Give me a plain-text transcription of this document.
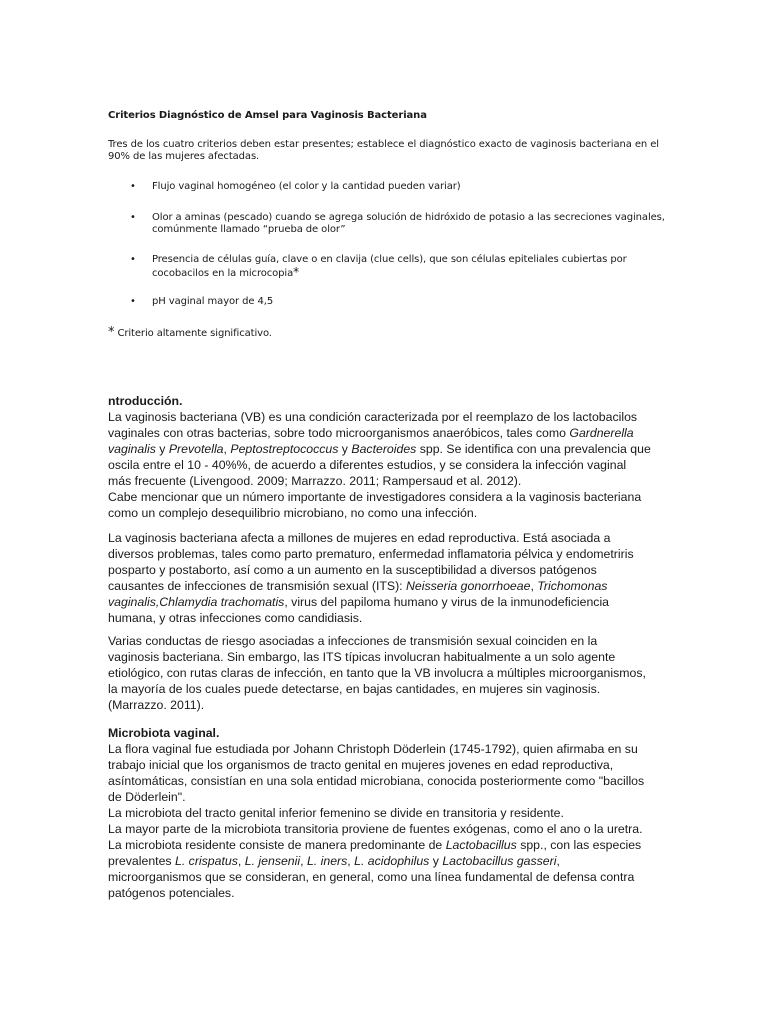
Criterios Diagnóstico de Amsel para Vaginosis Bacteriana
Tres de los cuatro criterios deben estar presentes; establece el diagnóstico exacto de vaginosis bacteriana en el
90% de las mujeres afectadas.
• Flujo vaginal homogéneo (el color y la cantidad pueden variar)
• Olor a aminas (pescado) cuando se agrega solución de hidróxido de potasio a las secreciones vaginales,
comúnmente llamado “prueba de olor”
• Presencia de células guía, clave o en clavija (clue cells), que son células epiteliales cubiertas por
cocobacilos en la microcopia*
• pH vaginal mayor de 4,5
* Criterio altamente significativo.
ntroducción.
La vaginosis bacteriana (VB) es una condición caracterizada por el reemplazo de los lactobacilos
vaginales con otras bacterias, sobre todo microorganismos anaeróbicos, tales como Gardnerella
vaginalis y Prevotella, Peptostreptococcus y Bacteroides spp. Se identifica con una prevalencia que
oscila entre el 10 - 40%%, de acuerdo a diferentes estudios, y se considera la infección vaginal
más frecuente (Livengood. 2009; Marrazzo. 2011; Rampersaud et al. 2012).
Cabe mencionar que un número importante de investigadores considera a la vaginosis bacteriana
como un complejo desequilibrio microbiano, no como una infección.
La vaginosis bacteriana afecta a millones de mujeres en edad reproductiva. Está asociada a
diversos problemas, tales como parto prematuro, enfermedad inflamatoria pélvica y endometriris
posparto y postaborto, así como a un aumento en la susceptibilidad a diversos patógenos
causantes de infecciones de transmisión sexual (ITS): Neisseria gonorrhoeae, Trichomonas
vaginalis,Chlamydia trachomatis, virus del papiloma humano y virus de la inmunodeficiencia
humana, y otras infecciones como candidiasis.
Varias conductas de riesgo asociadas a infecciones de transmisión sexual coinciden en la
vaginosis bacteriana. Sin embargo, las ITS típicas involucran habitualmente a un solo agente
etiológico, con rutas claras de infección, en tanto que la VB involucra a múltiples microorganismos,
la mayoría de los cuales puede detectarse, en bajas cantidades, en mujeres sin vaginosis.
(Marrazzo. 2011).
Microbiota vaginal.
La flora vaginal fue estudiada por Johann Christoph Döderlein (1745-1792), quien afirmaba en su
trabajo inicial que los organismos de tracto genital en mujeres jovenes en edad reproductiva,
asíntomáticas, consistían en una sola entidad microbiana, conocida posteriormente como "bacillos
de Döderlein".
La microbiota del tracto genital inferior femenino se divide en transitoria y residente.
La mayor parte de la microbiota transitoria proviene de fuentes exógenas, como el ano o la uretra.
La microbiota residente consiste de manera predominante de Lactobacillus spp., con las especies
prevalentes L. crispatus, L. jensenii, L. iners, L. acidophilus y Lactobacillus gasseri,
microorganismos que se consideran, en general, como una línea fundamental de defensa contra
patógenos potenciales.
